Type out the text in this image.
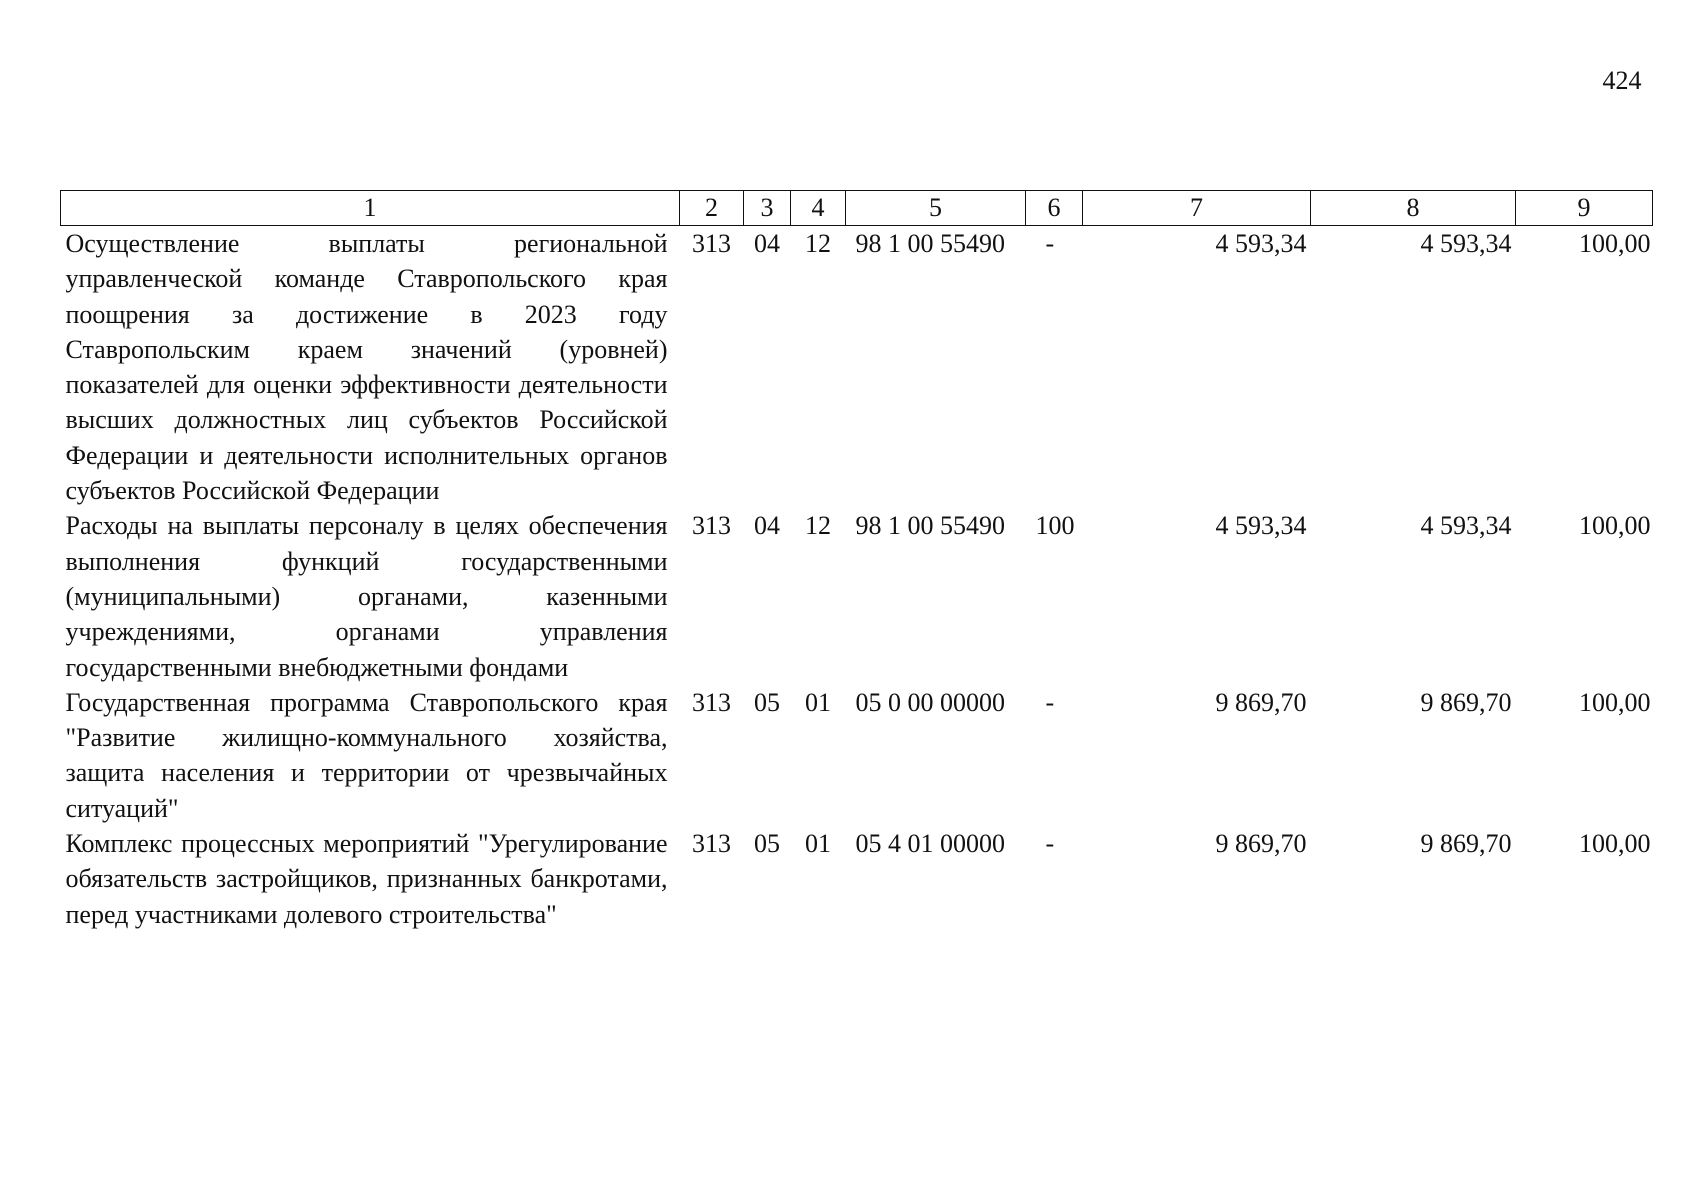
424
1	2	3	4	5	6	7	8	9
Осуществление выплаты региональной управленческой команде Ставропольского края поощрения за достижение в 2023 году Ставропольским краем значений (уровней) показателей для оценки эффективности деятельности высших должностных лиц субъектов Российской Федерации и деятельности исполнительных органов субъектов Российской Федерации	313	04	12	98 1 00 55490	-	4 593,34	4 593,34	100,00
Расходы на выплаты персоналу в целях обеспечения выполнения функций государственными (муниципальными) органами, казенными учреждениями, органами управления государственными внебюджетными фондами	313	04	12	98 1 00 55490	100	4 593,34	4 593,34	100,00
Государственная программа Ставропольского края "Развитие жилищно-коммунального хозяйства, защита населения и территории от чрезвычайных ситуаций"	313	05	01	05 0 00 00000	-	9 869,70	9 869,70	100,00
Комплекс процессных мероприятий "Урегулирование обязательств застройщиков, признанных банкротами, перед участниками долевого строительства"	313	05	01	05 4 01 00000	-	9 869,70	9 869,70	100,00
